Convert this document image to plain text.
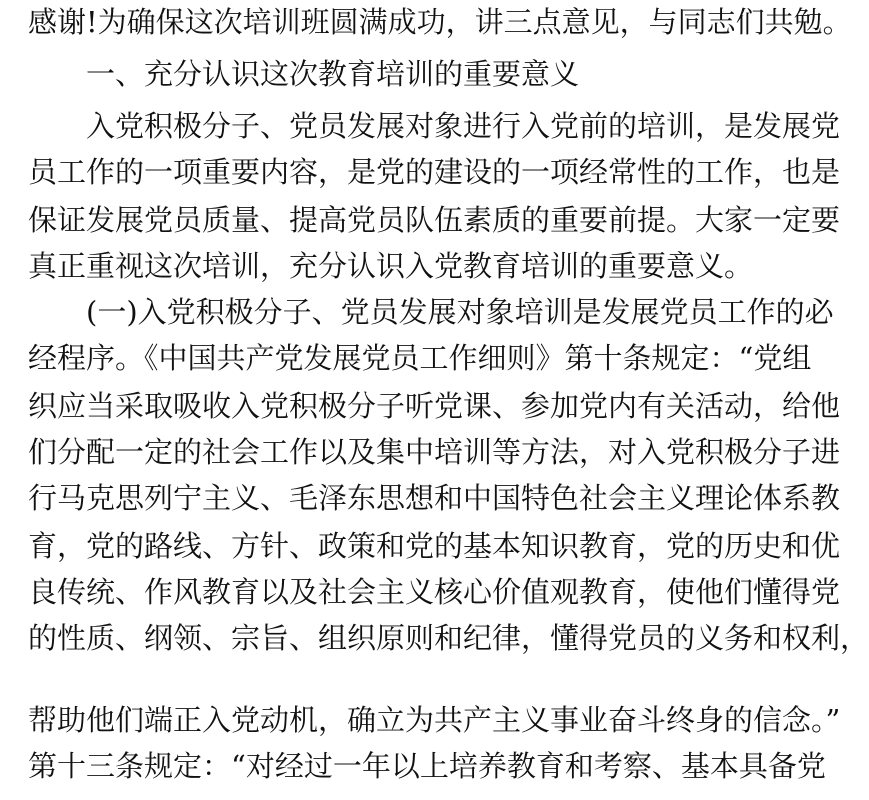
感谢!为确保这次培训班圆满成功，讲三点意见，与同志们共勉。
　　一、充分认识这次教育培训的重要意义
　　入党积极分子、党员发展对象进行入党前的培训，是发展党
员工作的一项重要内容，是党的建设的一项经常性的工作，也是
保证发展党员质量、提高党员队伍素质的重要前提。大家一定要
真正重视这次培训，充分认识入党教育培训的重要意义。
　　(一)入党积极分子、党员发展对象培训是发展党员工作的必
经程序。《中国共产党发展党员工作细则》第十条规定：“党组
织应当采取吸收入党积极分子听党课、参加党内有关活动，给他
们分配一定的社会工作以及集中培训等方法，对入党积极分子进
行马克思列宁主义、毛泽东思想和中国特色社会主义理论体系教
育，党的路线、方针、政策和党的基本知识教育，党的历史和优
良传统、作风教育以及社会主义核心价值观教育，使他们懂得党
的性质、纲领、宗旨、组织原则和纪律，懂得党员的义务和权利，
帮助他们端正入党动机，确立为共产主义事业奋斗终身的信念。”
第十三条规定：“对经过一年以上培养教育和考察、基本具备党
